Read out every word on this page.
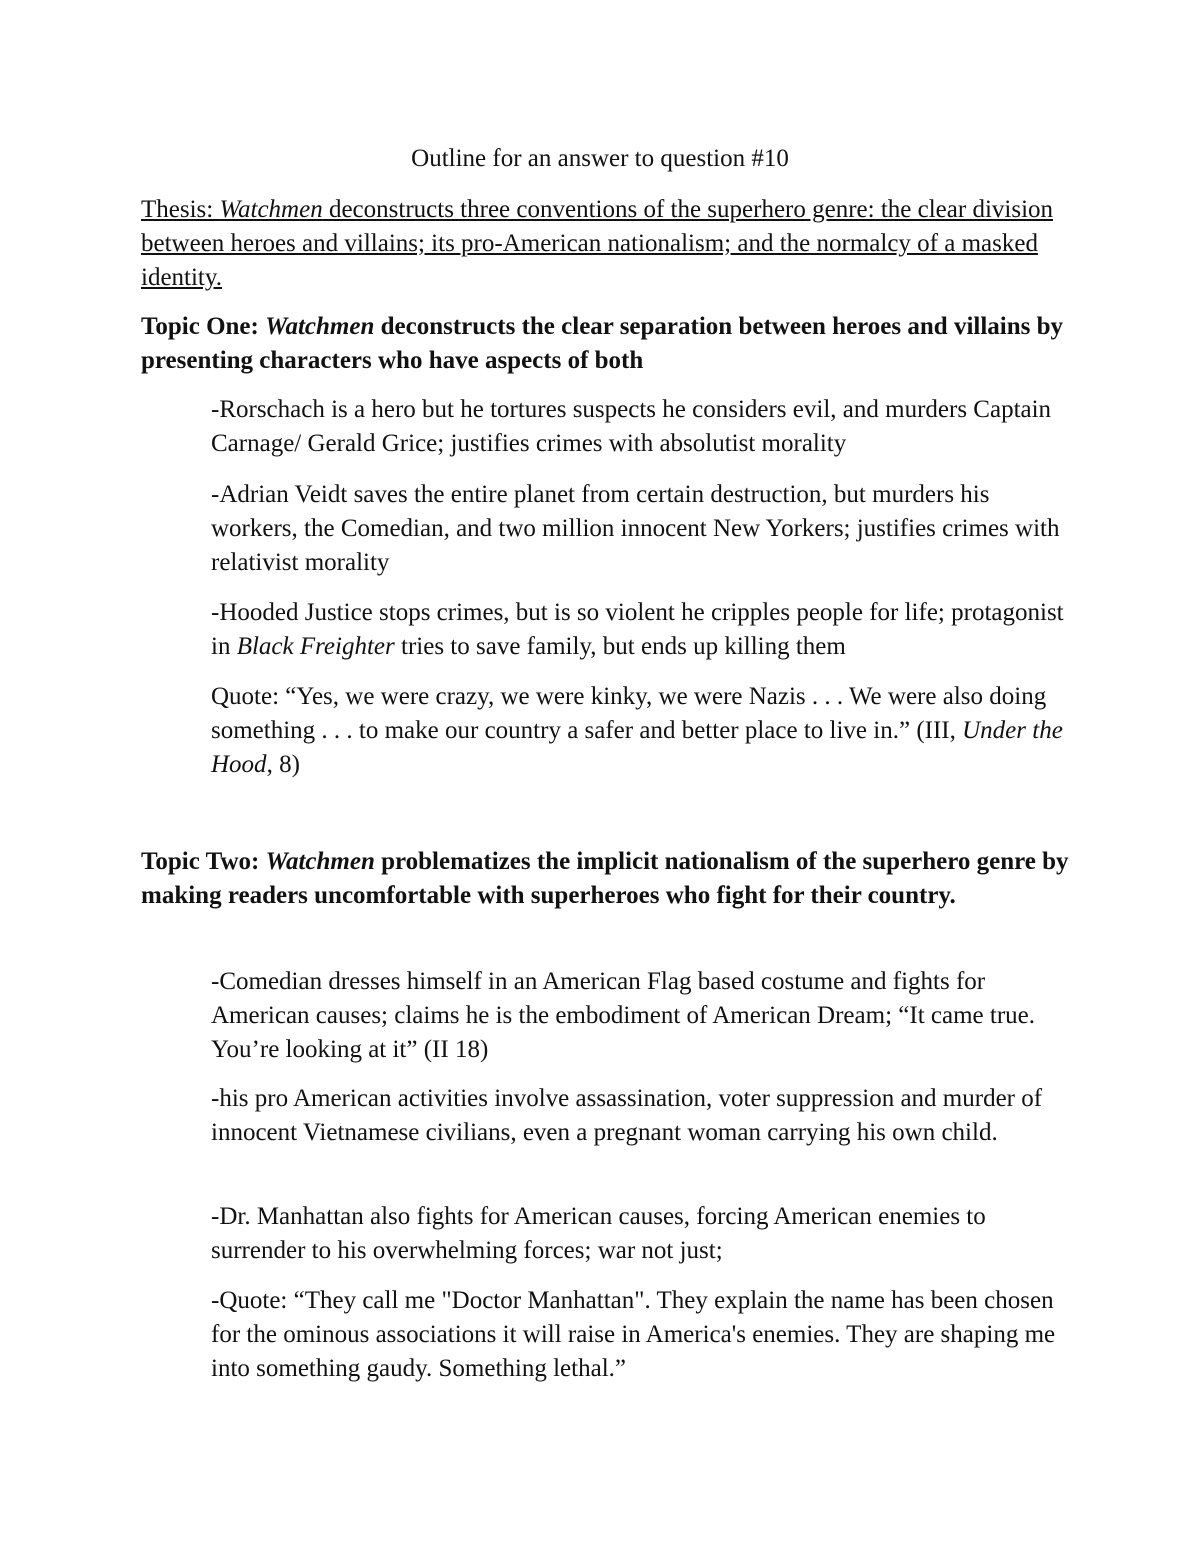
Outline for an answer to question #10
Thesis: Watchmen deconstructs three conventions of the superhero genre: the clear division between heroes and villains; its pro-American nationalism; and the normalcy of a masked identity.
Topic One: Watchmen deconstructs the clear separation between heroes and villains by presenting characters who have aspects of both
-Rorschach is a hero but he tortures suspects he considers evil, and murders Captain Carnage/ Gerald Grice; justifies crimes with absolutist morality
-Adrian Veidt saves the entire planet from certain destruction, but murders his workers, the Comedian, and two million innocent New Yorkers; justifies crimes with relativist morality
-Hooded Justice stops crimes, but is so violent he cripples people for life; protagonist in Black Freighter tries to save family, but ends up killing them
Quote: “Yes, we were crazy, we were kinky, we were Nazis . . . We were also doing something . . . to make our country a safer and better place to live in.” (III, Under the Hood, 8)
Topic Two: Watchmen problematizes the implicit nationalism of the superhero genre by making readers uncomfortable with superheroes who fight for their country.
-Comedian dresses himself in an American Flag based costume and fights for American causes; claims he is the embodiment of American Dream; “It came true. You’re looking at it” (II 18)
-his pro American activities involve assassination, voter suppression and murder of innocent Vietnamese civilians, even a pregnant woman carrying his own child.
-Dr. Manhattan also fights for American causes, forcing American enemies to surrender to his overwhelming forces; war not just;
-Quote: “They call me "Doctor Manhattan". They explain the name has been chosen for the ominous associations it will raise in America's enemies. They are shaping me into something gaudy. Something lethal.”
